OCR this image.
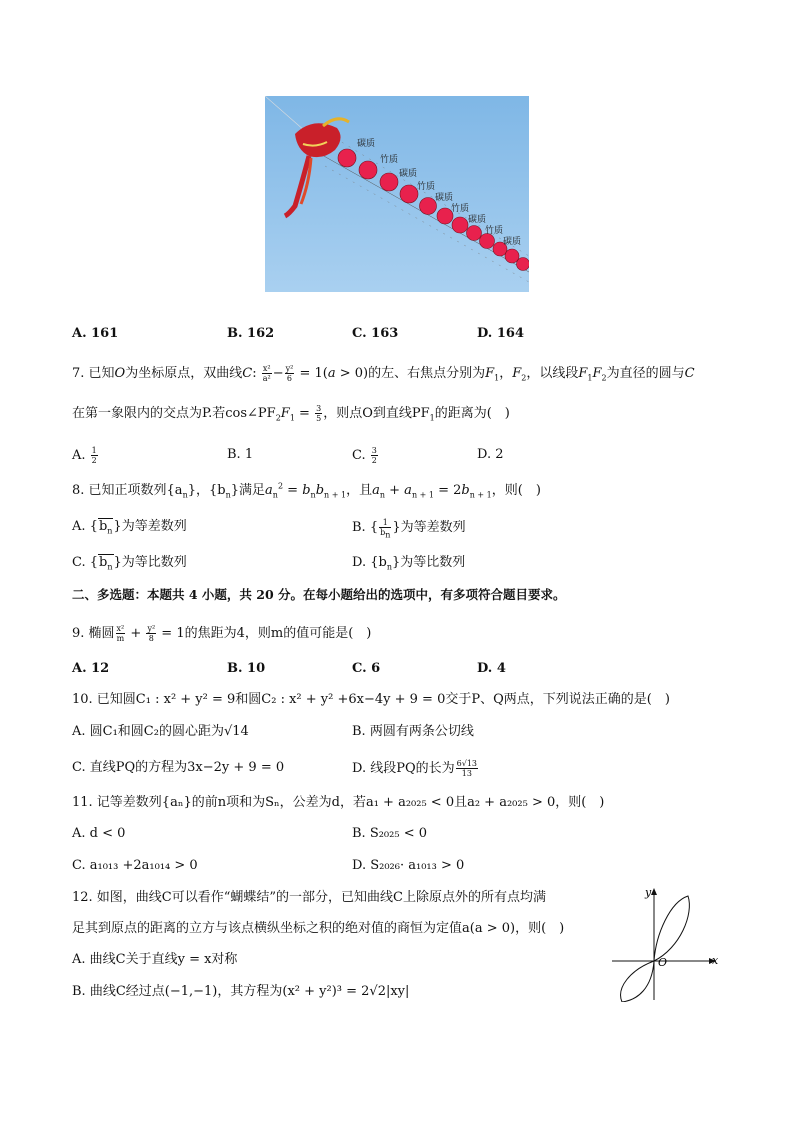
碳质
竹质
碳质
竹质
碳质
竹质
碳质
竹质
碳质
A. 161	B. 162	C. 163	D. 164
7. 已知O为坐标原点，双曲线C: $\frac{\text{x²}}{\text{a²}} - \frac{\text{y²}}{6} = 1(a > 0)$的左、右焦点分别为$F_1$，$F_2$，以线段$F_1F_2$为直径的圆与C
在第一象限内的交点为P.若$\cos\angle PF_2F_1 = \frac{3}{5}$ ，则点O到直线$PF_1$的距离为(　)
A. $\frac{1}{2}$	B. 1	C. $\frac{3}{2}$	D. 2
8. 已知正项数列$\{a_n\}$，$\{b_n\}$满足$a_n^2 = b_nb_{n + 1}$，且$a_n + a_{n + 1} = 2b_{n + 1}$，则(　)
A. $\{b_n\}$为等差数列	B. { $\frac{1}{b_n}$ }为等差数列
C. $\{b_n\}$为等比数列	D. $\{b_n\}$为等比数列
二、多选题：本题共 4 小题，共 20 分。在每小题给出的选项中，有多项符合题目要求。
9. 椭圆 $\frac{\text{x²}}{m} + \frac{\text{y²}}{8} = 1$的焦距为4，则m的值可能是(　)
A. 12	B. 10	C. 6	D. 4
10. 已知圆C₁ : x² + y² = 9和圆C₂ : x² + y² +6x−4y + 9 = 0交于P、Q两点，下列说法正确的是(　)
A. 圆C₁和圆C₂的圆心距为√14	B. 两圆有两条公切线
C. 直线PQ的方程为3x−2y + 9 = 0	D. 线段PQ的长为 $\frac{6√13}{13}$
11. 记等差数列{aₙ}的前n项和为Sₙ，公差为d，若a₁ + a₂₀₂₅ < 0且a₂ + a₂₀₂₅ > 0，则(　)
A. d < 0	B. S₂₀₂₅ < 0
C. a₁₀₁₃ +2a₁₀₁₄ > 0	D. S₂₀₂₆· a₁₀₁₃ > 0
12. 如图，曲线C可以看作“蝴蝶结”的一部分，已知曲线C上除原点外的所有点均满
足其到原点的距离的立方与该点横纵坐标之积的绝对值的商恒为定值a(a > 0)，则(　)
A. 曲线C关于直线y = x对称
B. 曲线C经过点(−1,−1)，其方程为(x² + y²)³ = 2√2|xy|
y
x
O
